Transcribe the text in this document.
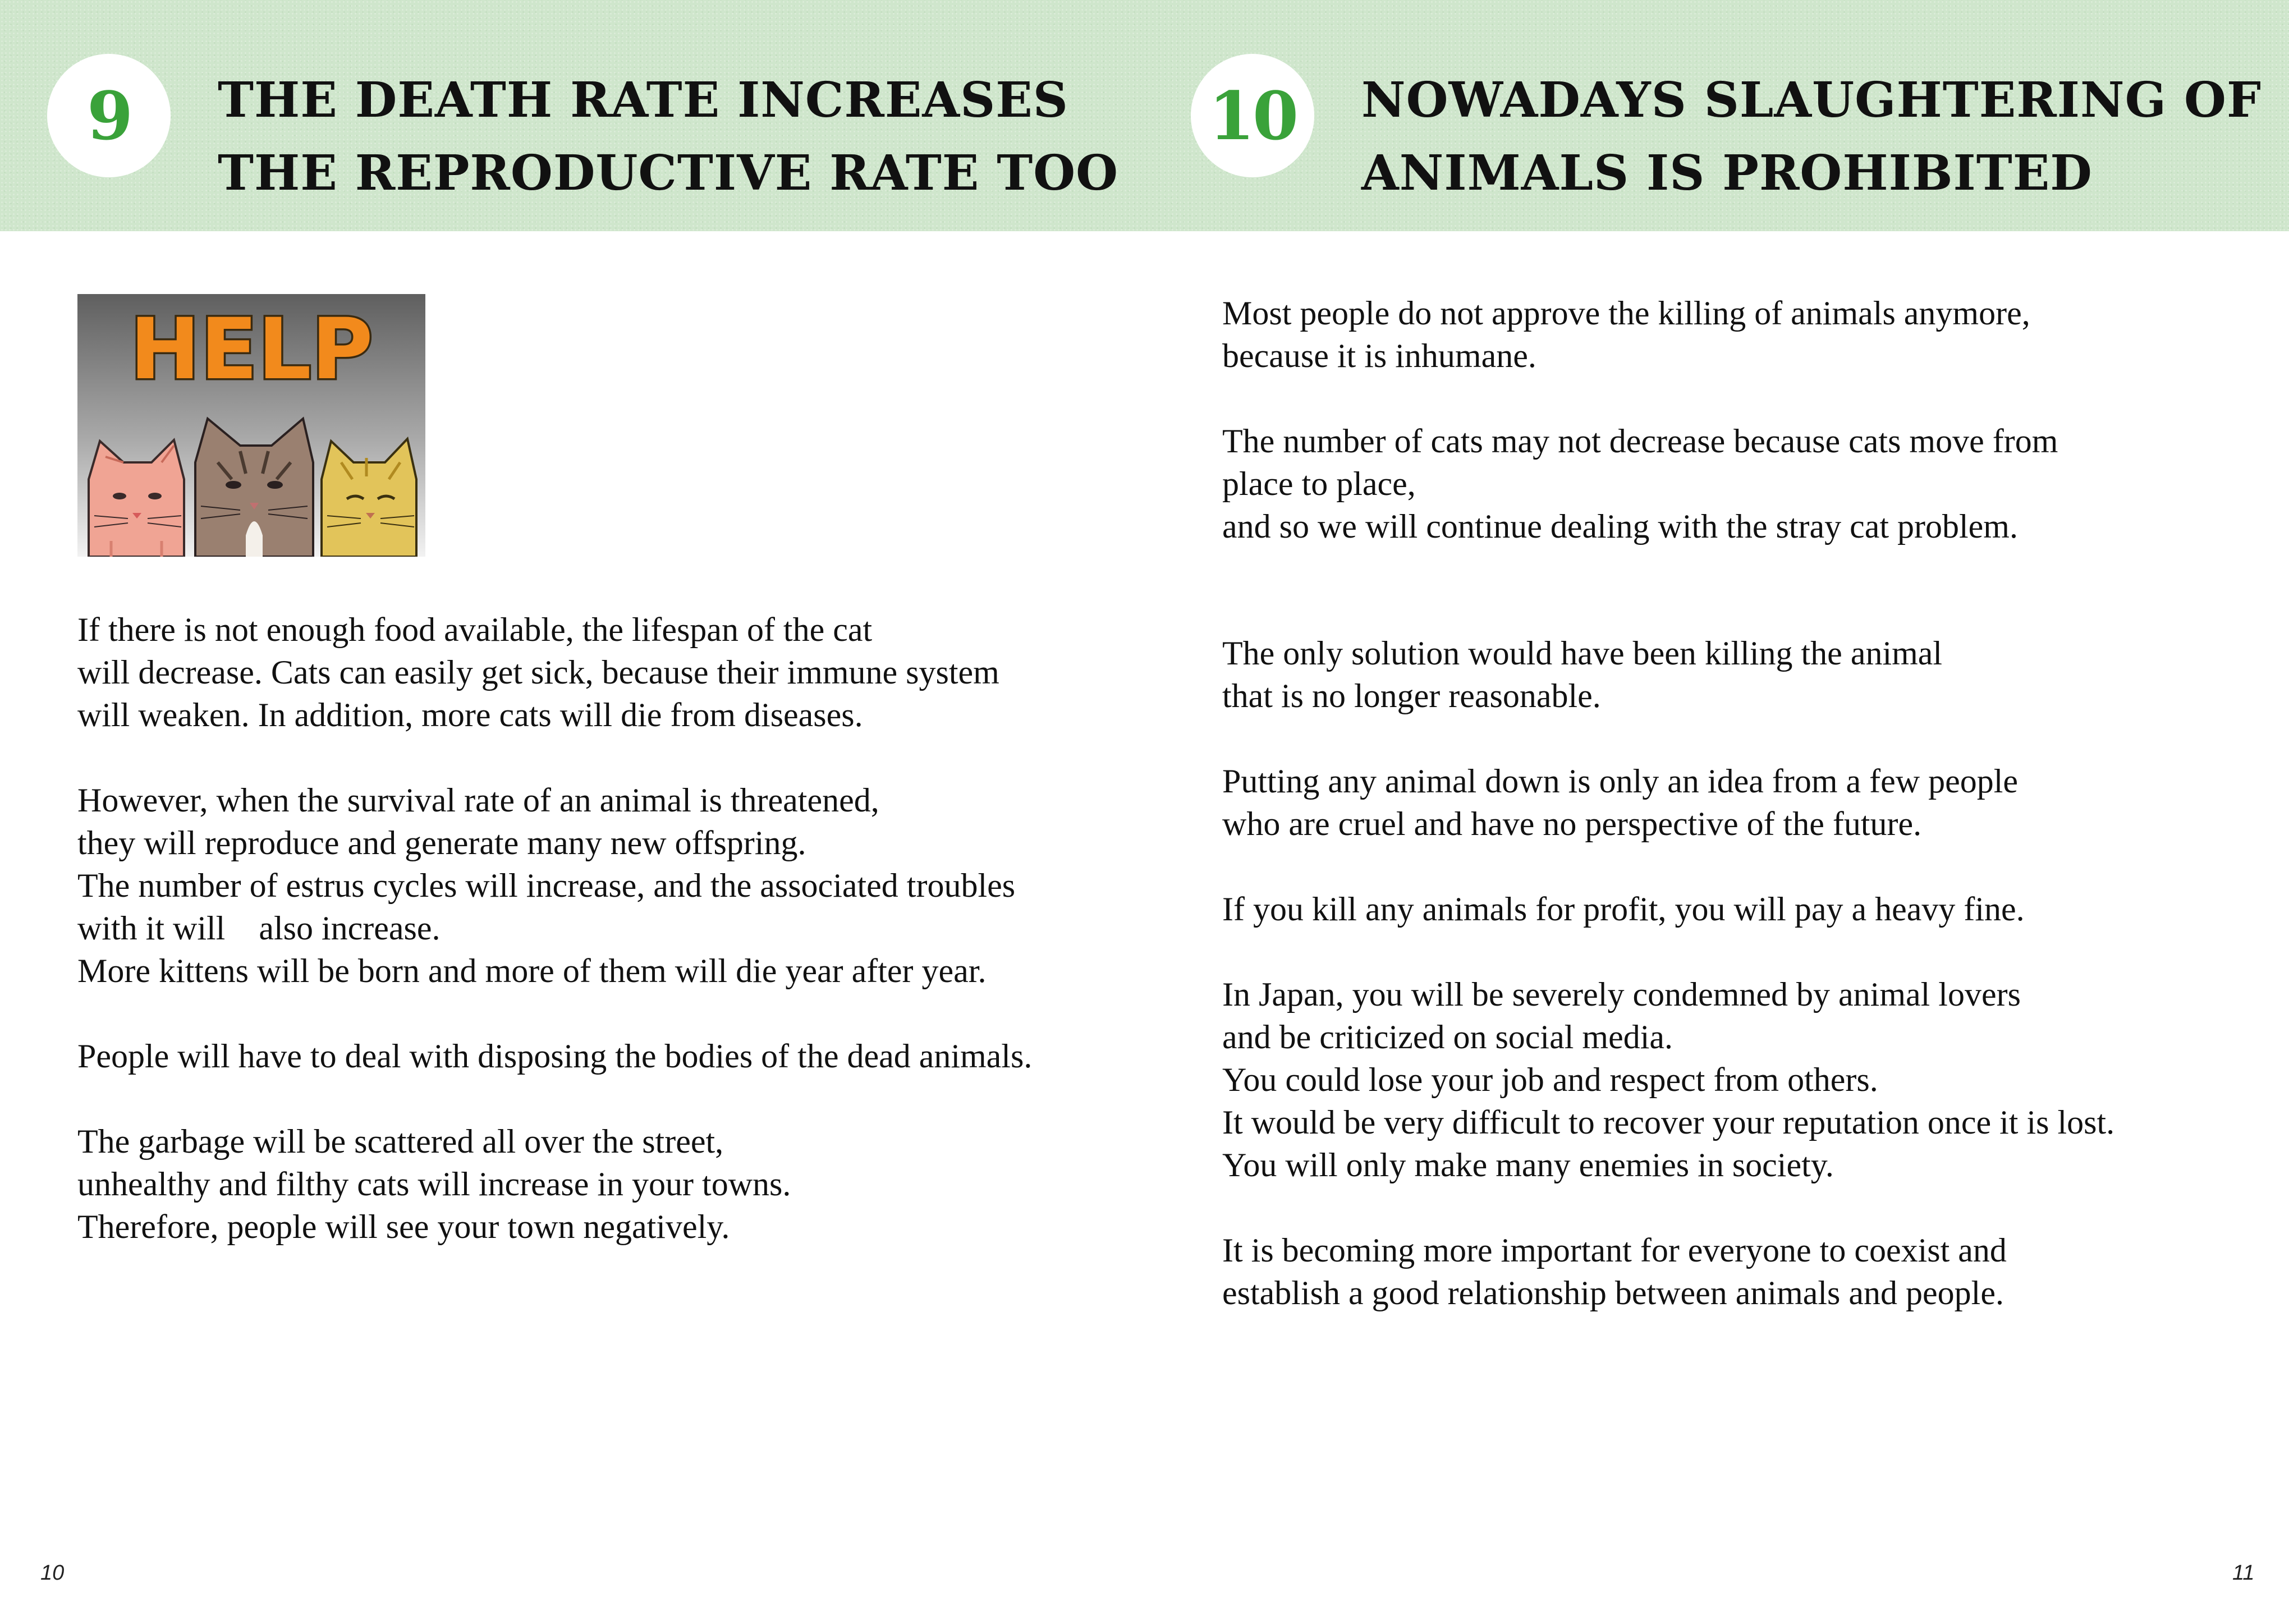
9 THE DEATH RATE INCREASES
THE REPRODUCTIVE RATE TOO
10 NOWADAYS SLAUGHTERING OF
ANIMALS IS PROHIBITED
HELP

If there is not enough food available, the lifespan of the cat
will decrease. Cats can easily get sick, because their immune system
will weaken. In addition, more cats will die from diseases.

However, when the survival rate of an animal is threatened,
they will reproduce and generate many new offspring.
The number of estrus cycles will increase, and the associated troubles
with it will    also increase.
More kittens will be born and more of them will die year after year.

People will have to deal with disposing the bodies of the dead animals.

The garbage will be scattered all over the street,
unhealthy and filthy cats will increase in your towns.
Therefore, people will see your town negatively.

Most people do not approve the killing of animals anymore,
because it is inhumane.

The number of cats may not decrease because cats move from
place to place,
and so we will continue dealing with the stray cat problem.

The only solution would have been killing the animal
that is no longer reasonable.

Putting any animal down is only an idea from a few people
who are cruel and have no perspective of the future.

If you kill any animals for profit, you will pay a heavy fine.

In Japan, you will be severely condemned by animal lovers
and be criticized on social media.
You could lose your job and respect from others.
It would be very difficult to recover your reputation once it is lost.
You will only make many enemies in society.

It is becoming more important for everyone to coexist and
establish a good relationship between animals and people.

10	11
